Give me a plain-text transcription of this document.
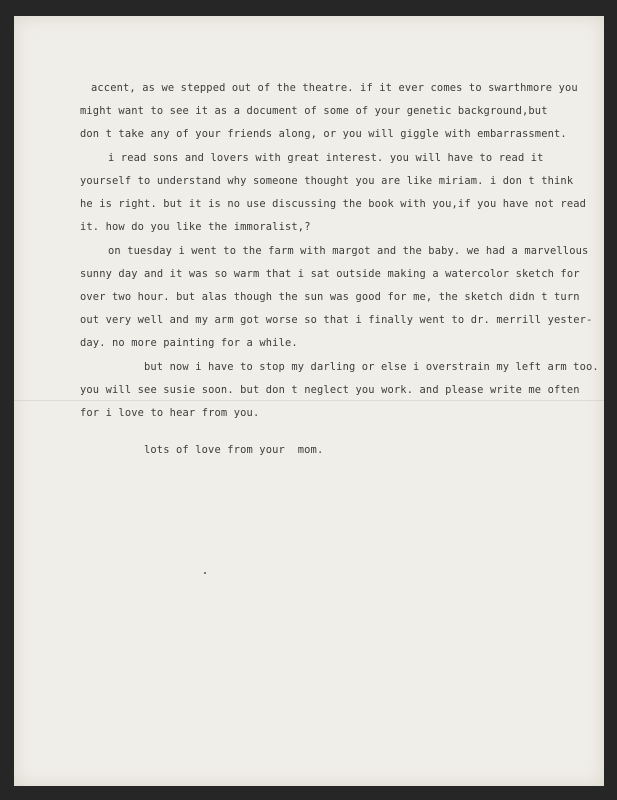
accent, as we stepped out of the theatre. if it ever comes to swarthmore you
might want to see it as a document of some of your genetic background,but
don t take any of your friends along, or you will giggle with embarrassment.
i read sons and lovers with great interest. you will have to read it
yourself to understand why someone thought you are like miriam. i don t think
he is right. but it is no use discussing the book with you,if you have not read
it. how do you like the immoralist,?
on tuesday i went to the farm with margot and the baby. we had a marvellous
sunny day and it was so warm that i sat outside making a watercolor sketch for
over two hour. but alas though the sun was good for me, the sketch didn t turn
out very well and my arm got worse so that i finally went to dr. merrill yester-
day. no more painting for a while.
but now i have to stop my darling or else i overstrain my left arm too.
you will see susie soon. but don t neglect you work. and please write me often
for i love to hear from you.
lots of love from your  mom.
